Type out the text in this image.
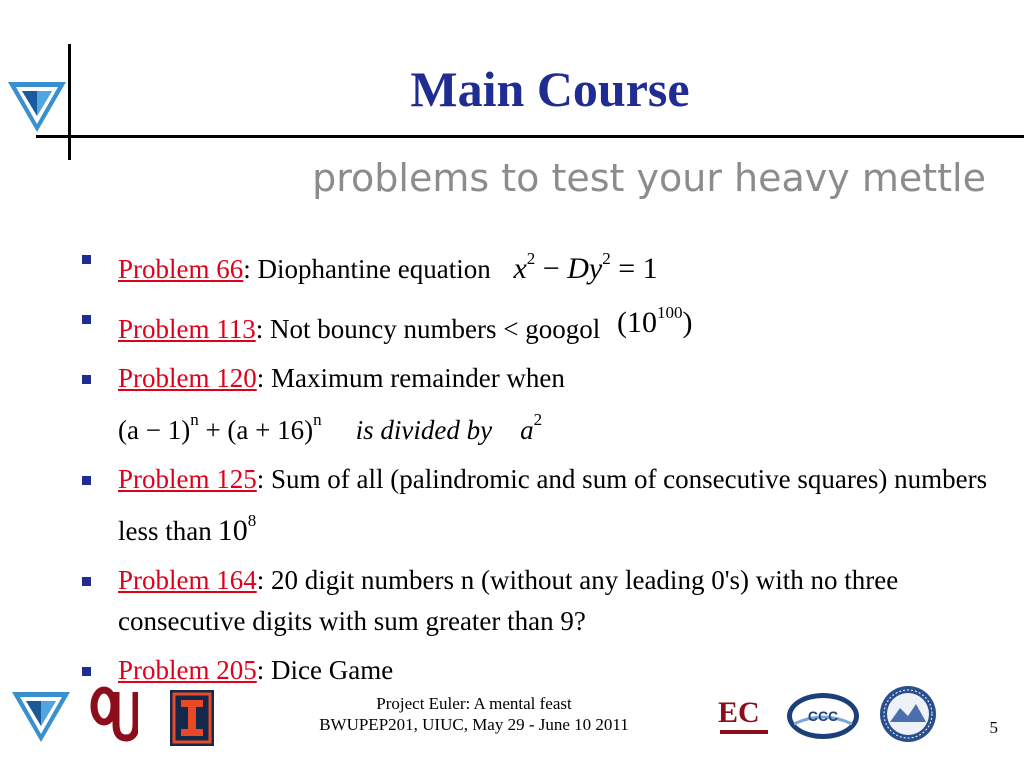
Main Course
problems to test your heavy mettle
Problem 66: Diophantine equation $x^2 - Dy^2 = 1$
Problem 113: Not bouncy numbers < googol $(10^{100})$
Problem 120: Maximum remainder when
$(a - 1)^n + (a + 16)^n$ is divided by $a^2$
Problem 125: Sum of all (palindromic and sum of consecutive squares) numbers less than $10^8$
Problem 164: 20 digit numbers n (without any leading 0's) with no three consecutive digits with sum greater than 9?
Problem 205: Dice Game
EC	CCC
Project Euler: A mental feast
BWUPEP201, UIUC, May 29 - June 10 2011	5
